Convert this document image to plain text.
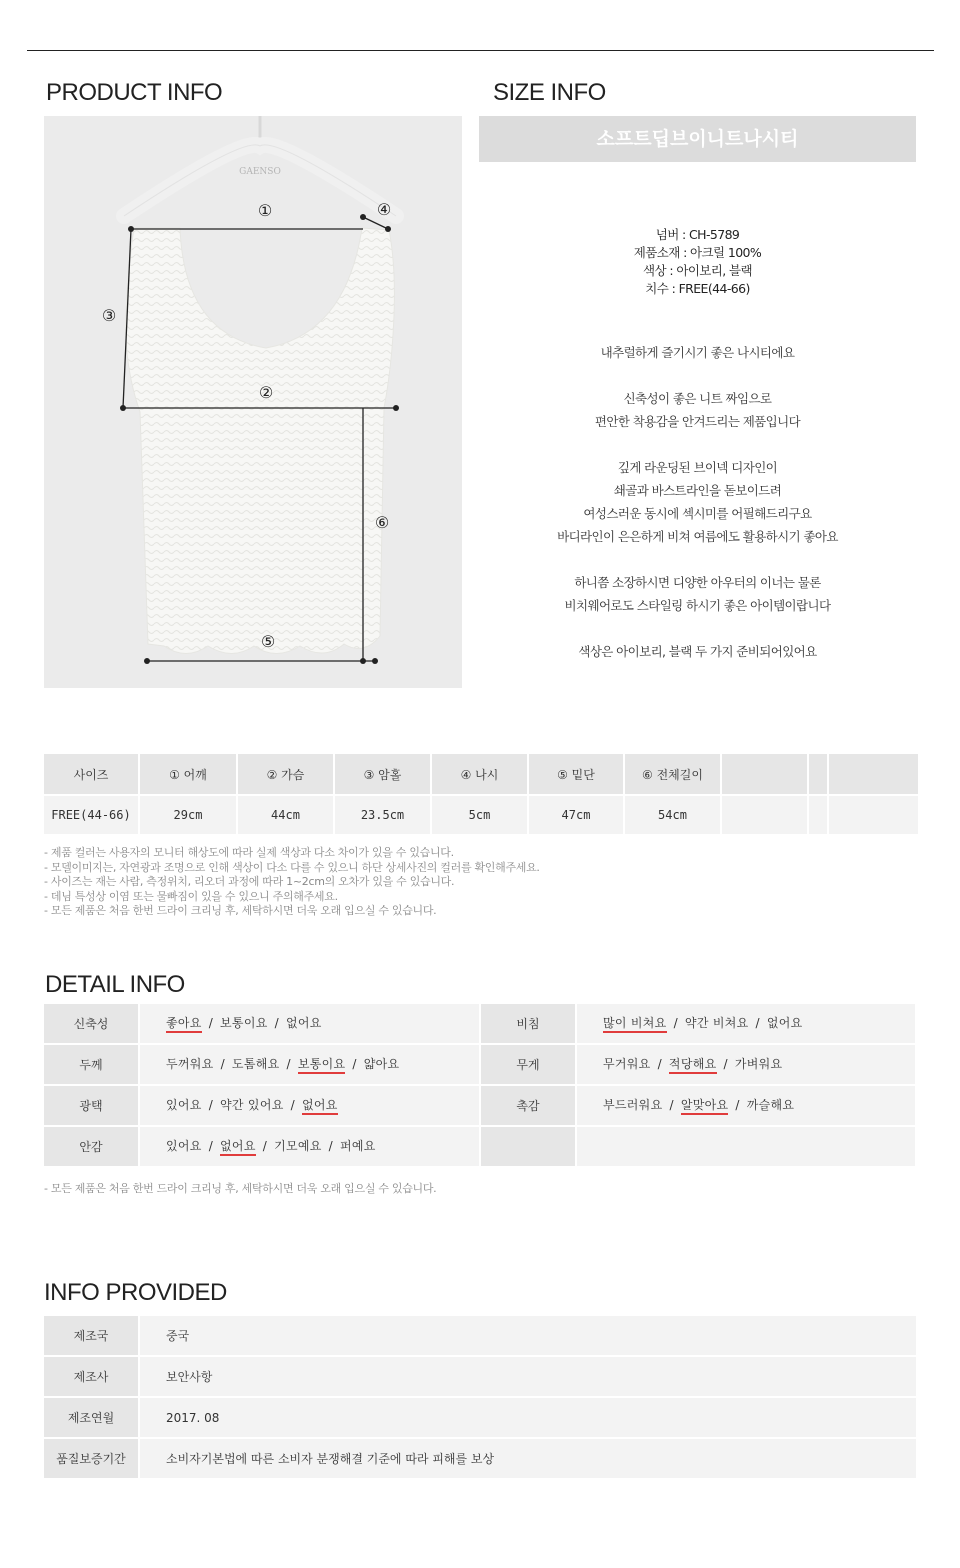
PRODUCT INFO	SIZE INFO
GAENSO
①	④
③
②
⑥
⑤
소프트딥브이니트나시티
넘버 : CH-5789
제품소재 : 아크릴 100%
색상 : 아이보리, 블랙
치수 : FREE(44-66)
내추럴하게 즐기시기 좋은 나시티에요
신축성이 좋은 니트 짜임으로
편안한 착용감을 안겨드리는 제품입니다
깊게 라운딩된 브이넥 디자인이
쇄골과 바스트라인을 돋보이드려
여성스러운 동시에 섹시미를 어필해드리구요
바디라인이 은은하게 비쳐 여름에도 활용하시기 좋아요
하니쯤 소장하시면 디양한 아우터의 이너는 물론
비치웨어로도 스타일링 하시기 좋은 아이템이랍니다
색상은 아이보리, 블랙 두 가지 준비되어있어요
사이즈	① 어깨	② 가슴	③ 암홀	④ 나시	⑤ 밑단	⑥ 전체길이			
FREE(44-66)	29cm	44cm	23.5cm	5cm	47cm	54cm			
- 제품 컬러는 사용자의 모니터 해상도에 따라 실제 색상과 다소 차이가 있을 수 있습니다.
- 모델이미지는, 자연광과 조명으로 인해 색상이 다소 다를 수 있으니 하단 상세사진의 컬러를 확인해주세요.
- 사이즈는 재는 사람, 측정위치, 리오더 과정에 따라 1~2cm의 오차가 있을 수 있습니다.
- 데님 특성상 이염 또는 물빠짐이 있을 수 있으니 주의해주세요.
- 모든 제품은 처음 한번 드라이 크리닝 후, 세탁하시면 더욱 오래 입으실 수 있습니다.
DETAIL INFO
신축성	좋아요 / 보통이요 / 없어요	비침	많이 비쳐요 / 약간 비쳐요 / 없어요
두께	두꺼워요 / 도톰해요 / 보통이요 / 얇아요	무게	무거워요 / 적당해요 / 가벼워요
광택	있어요 / 약간 있어요 / 없어요	촉감	부드러워요 / 알맞아요 / 까슬해요
안감	있어요 / 없어요 / 기모예요 / 퍼예요		
- 모든 제품은 처음 한번 드라이 크리닝 후, 세탁하시면 더욱 오래 입으실 수 있습니다.
INFO PROVIDED
제조국	중국
제조사	보안사항
제조연월	2017. 08
품질보증기간	소비자기본법에 따른 소비자 분쟁해결 기준에 따라 피해를 보상
